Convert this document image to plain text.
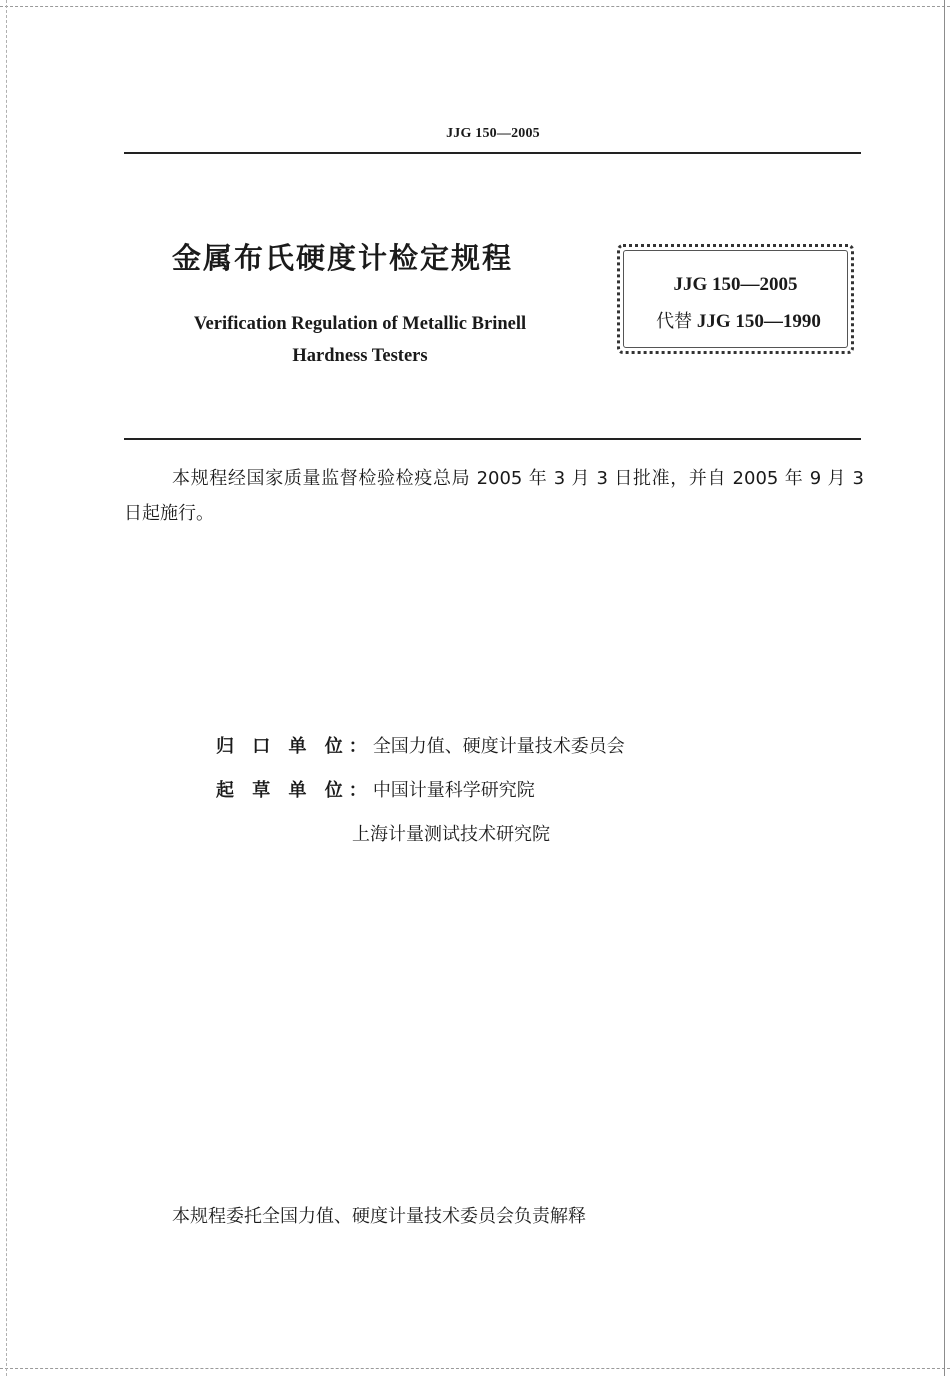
JJG 150—2005
金属布氏硬度计检定规程
Verification Regulation of Metallic Brinell
Hardness Testers
JJG 150—2005
代替 JJG 150—1990
本规程经国家质量监督检验检疫总局 2005 年 3 月 3 日批准，并自 2005 年 9 月 3 日起施行。
归 口 单 位：全国力值、硬度计量技术委员会
起 草 单 位：中国计量科学研究院
上海计量测试技术研究院
本规程委托全国力值、硬度计量技术委员会负责解释
